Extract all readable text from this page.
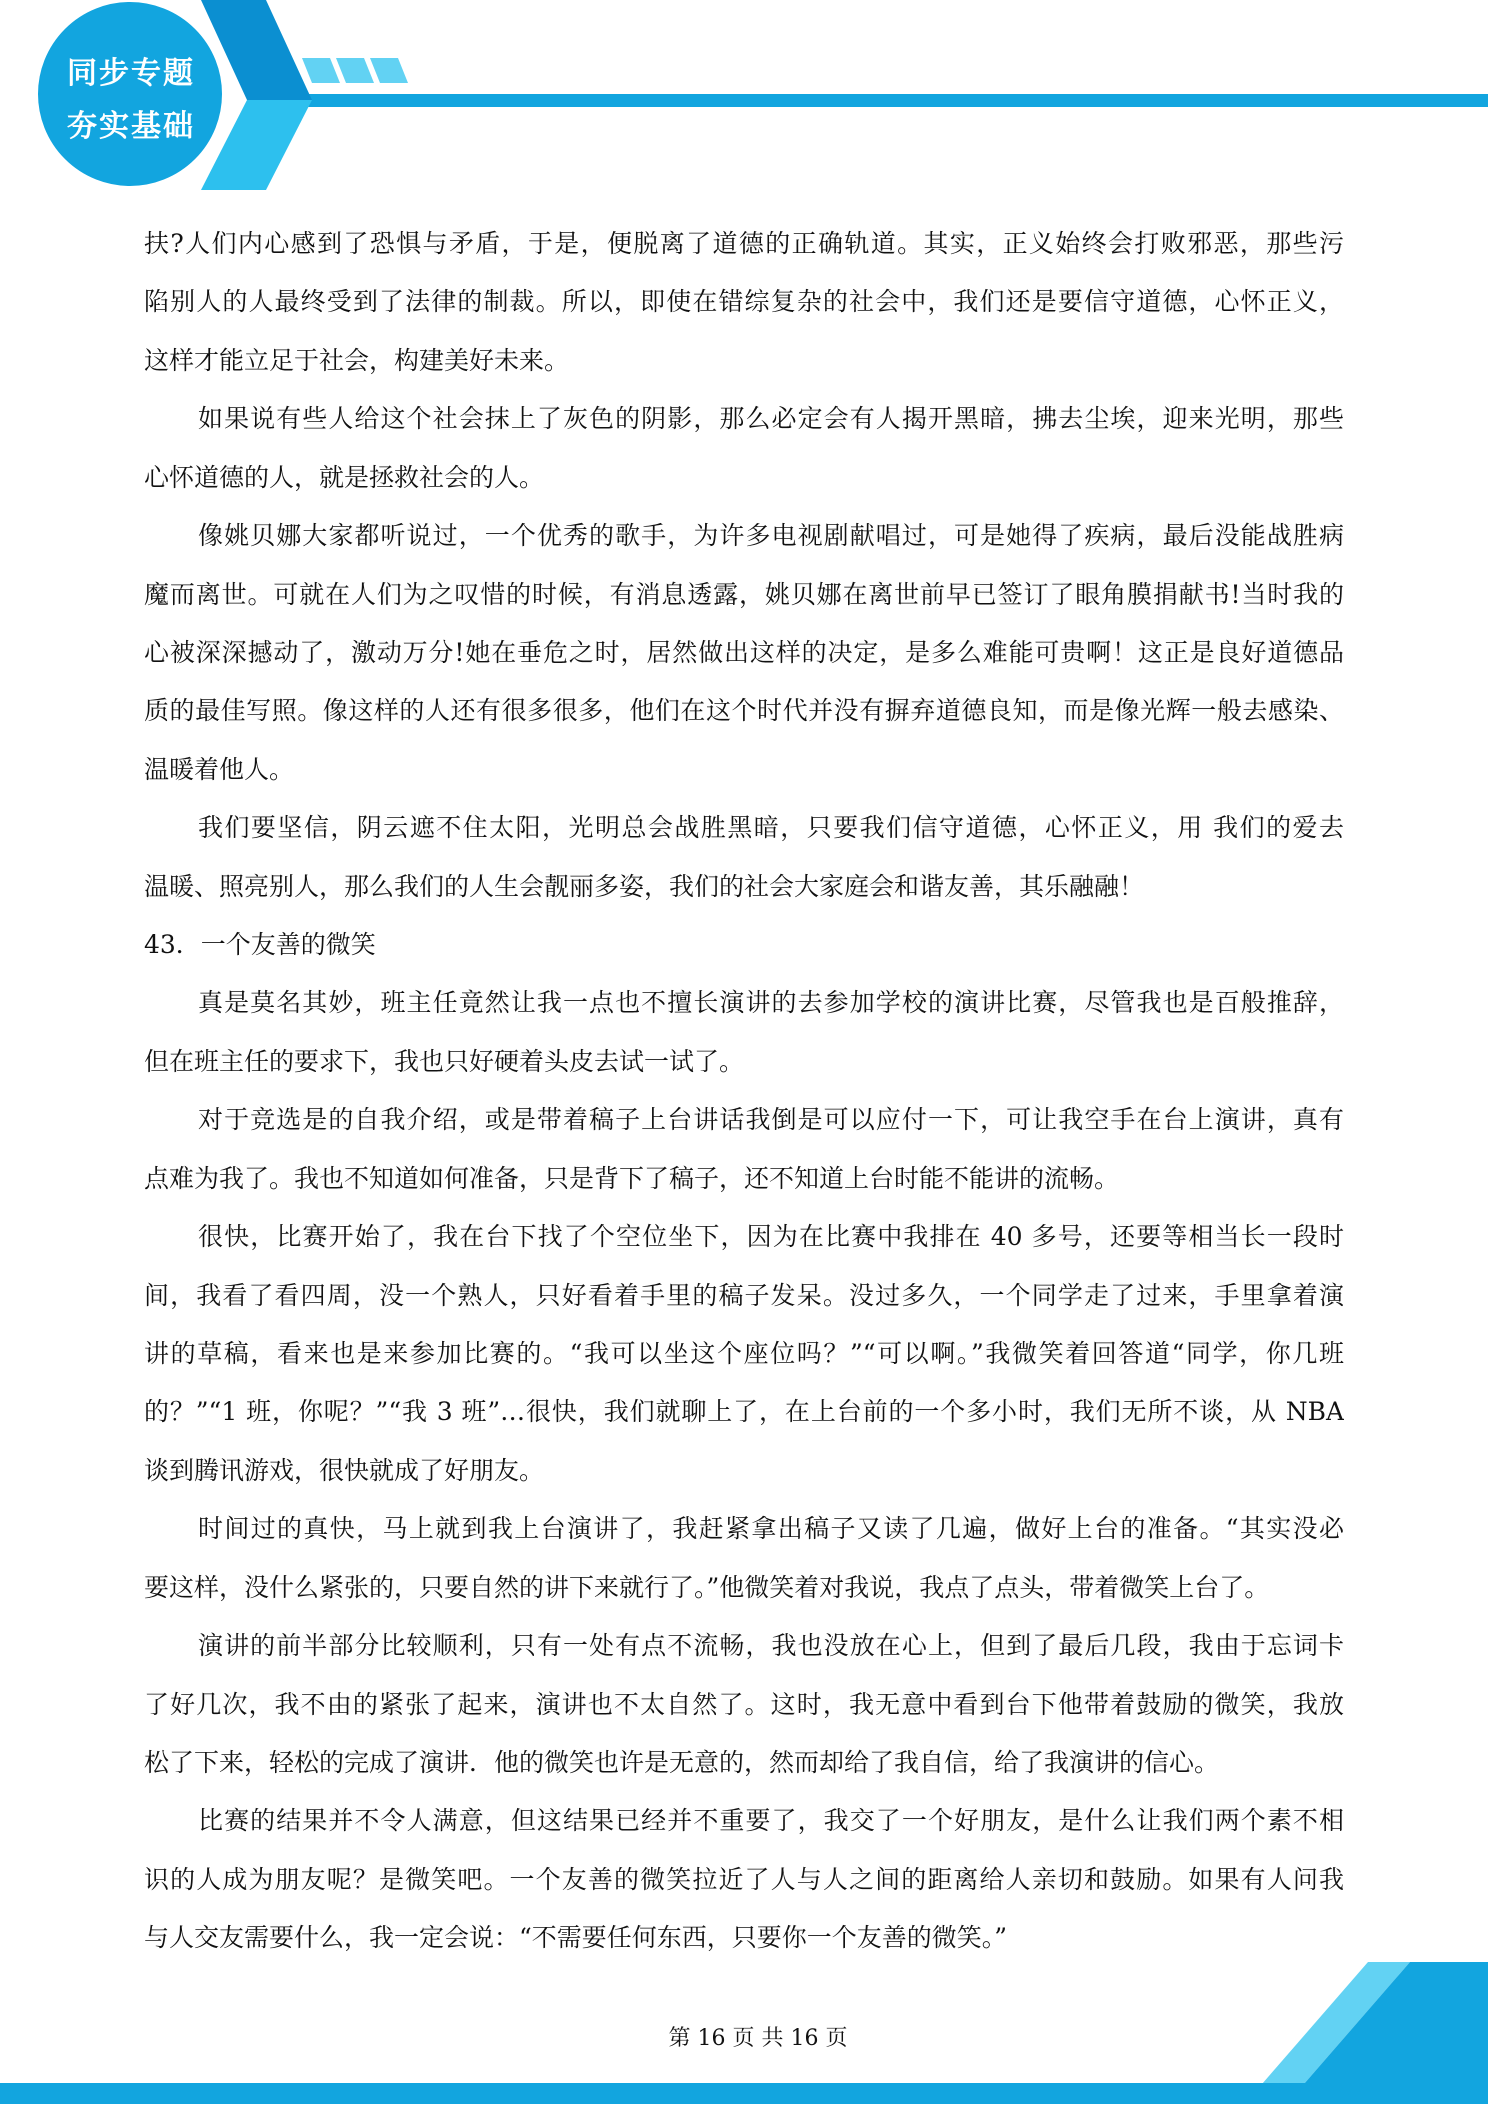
同步专题
夯实基础
扶?人们内心感到了恐惧与矛盾，于是，便脱离了道德的正确轨道。其实，正义始终会打败邪恶，那些污
陷别人的人最终受到了法律的制裁。所以，即使在错综复杂的社会中，我们还是要信守道德，心怀正义，
这样才能立足于社会，构建美好未来。
如果说有些人给这个社会抹上了灰色的阴影，那么必定会有人揭开黑暗，拂去尘埃，迎来光明，那些
心怀道德的人，就是拯救社会的人。
像姚贝娜大家都听说过，一个优秀的歌手，为许多电视剧献唱过，可是她得了疾病，最后没能战胜病
魔而离世。可就在人们为之叹惜的时候，有消息透露，姚贝娜在离世前早已签订了眼角膜捐献书!当时我的
心被深深撼动了，激动万分!她在垂危之时，居然做出这样的决定，是多么难能可贵啊！这正是良好道德品
质的最佳写照。像这样的人还有很多很多，他们在这个时代并没有摒弃道德良知，而是像光辉一般去感染、
温暖着他人。
我们要坚信，阴云遮不住太阳，光明总会战胜黑暗，只要我们信守道德，心怀正义，用 我们的爱去
温暖、照亮别人，那么我们的人生会靓丽多姿，我们的社会大家庭会和谐友善，其乐融融！
43．一个友善的微笑
真是莫名其妙，班主任竟然让我一点也不擅长演讲的去参加学校的演讲比赛，尽管我也是百般推辞，
但在班主任的要求下，我也只好硬着头皮去试一试了。
对于竞选是的自我介绍，或是带着稿子上台讲话我倒是可以应付一下，可让我空手在台上演讲，真有
点难为我了。我也不知道如何准备，只是背下了稿子，还不知道上台时能不能讲的流畅。
很快，比赛开始了，我在台下找了个空位坐下，因为在比赛中我排在 40 多号，还要等相当长一段时
间，我看了看四周，没一个熟人，只好看着手里的稿子发呆。没过多久，一个同学走了过来，手里拿着演
讲的草稿，看来也是来参加比赛的。“我可以坐这个座位吗？”“可以啊。”我微笑着回答道“同学，你几班
的？”“1 班，你呢？”“我 3 班”…很快，我们就聊上了，在上台前的一个多小时，我们无所不谈，从 NBA
谈到腾讯游戏，很快就成了好朋友。
时间过的真快，马上就到我上台演讲了，我赶紧拿出稿子又读了几遍，做好上台的准备。“其实没必
要这样，没什么紧张的，只要自然的讲下来就行了。”他微笑着对我说，我点了点头，带着微笑上台了。
演讲的前半部分比较顺利，只有一处有点不流畅，我也没放在心上，但到了最后几段，我由于忘词卡
了好几次，我不由的紧张了起来，演讲也不太自然了。这时，我无意中看到台下他带着鼓励的微笑，我放
松了下来，轻松的完成了演讲．他的微笑也许是无意的，然而却给了我自信，给了我演讲的信心。
比赛的结果并不令人满意，但这结果已经并不重要了，我交了一个好朋友，是什么让我们两个素不相
识的人成为朋友呢？是微笑吧。一个友善的微笑拉近了人与人之间的距离给人亲切和鼓励。如果有人问我
与人交友需要什么，我一定会说：“不需要任何东西，只要你一个友善的微笑。”
第 16 页 共 16 页
